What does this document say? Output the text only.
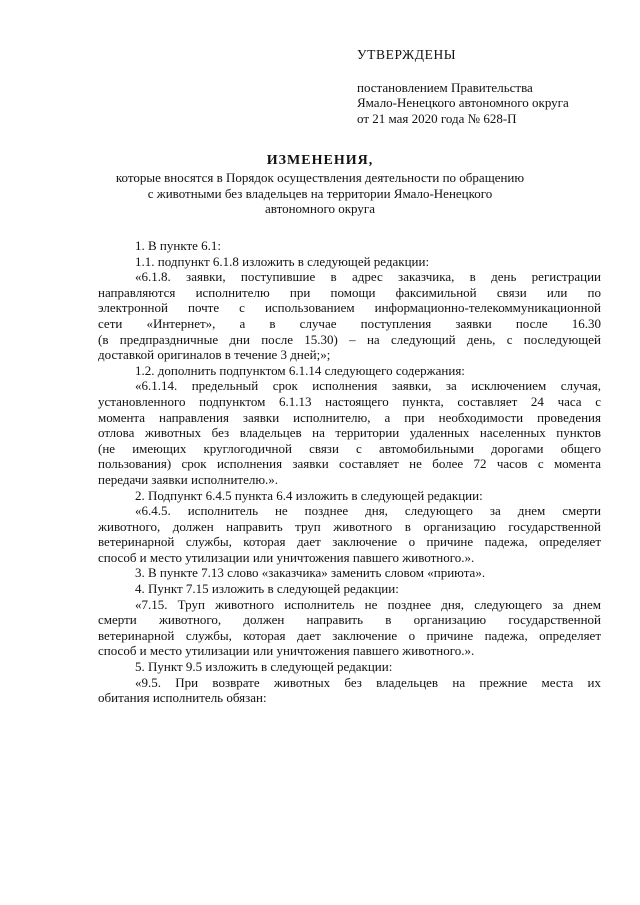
УТВЕРЖДЕНЫ
постановлением Правительства
Ямало-Ненецкого автономного округа
от 21 мая 2020 года № 628-П
ИЗМЕНЕНИЯ,
которые вносятся в Порядок осуществления деятельности по обращению
с животными без владельцев на территории Ямало-Ненецкого
автономного округа
1. В пункте 6.1:
1.1. подпункт 6.1.8 изложить в следующей редакции:
«6.1.8. заявки, поступившие в адрес заказчика, в день регистрации
направляются исполнителю при помощи факсимильной связи или по
электронной почте с использованием информационно-телекоммуникационной
сети «Интернет», а в случае поступления заявки после 16.30
(в предпраздничные дни после 15.30) – на следующий день, с последующей
доставкой оригиналов в течение 3 дней;»;
1.2. дополнить подпунктом 6.1.14 следующего содержания:
«6.1.14. предельный срок исполнения заявки, за исключением случая,
установленного подпунктом 6.1.13 настоящего пункта, составляет 24 часа с
момента направления заявки исполнителю, а при необходимости проведения
отлова животных без владельцев на территории удаленных населенных пунктов
(не имеющих круглогодичной связи с автомобильными дорогами общего
пользования) срок исполнения заявки составляет не более 72 часов с момента
передачи заявки исполнителю.».
2. Подпункт 6.4.5 пункта 6.4 изложить в следующей редакции:
«6.4.5. исполнитель не позднее дня, следующего за днем смерти
животного, должен направить труп животного в организацию государственной
ветеринарной службы, которая дает заключение о причине падежа, определяет
способ и место утилизации или уничтожения павшего животного.».
3. В пункте 7.13 слово «заказчика» заменить словом «приюта».
4. Пункт 7.15 изложить в следующей редакции:
«7.15. Труп животного исполнитель не позднее дня, следующего за днем
смерти животного, должен направить в организацию государственной
ветеринарной службы, которая дает заключение о причине падежа, определяет
способ и место утилизации или уничтожения павшего животного.».
5. Пункт 9.5 изложить в следующей редакции:
«9.5. При возврате животных без владельцев на прежние места их
обитания исполнитель обязан:
